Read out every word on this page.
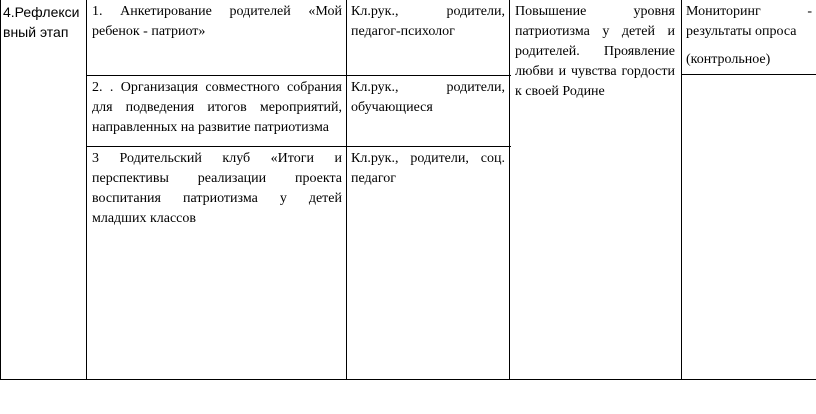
4.Рефлексивный этап
1. Анкетирование родителей «Мой ребенок - патриот»
Кл.рук., родители, педагог-психолог
2. . Организация совместного собрания для подведения итогов мероприятий, направленных на развитие патриотизма
Кл.рук., родители, обучающиеся
3 Родительский клуб «Итоги и перспективы реализации проекта воспитания патриотизма у детей младших классов
Кл.рук., родители, соц. педагог
Повышение уровня патриотизма у детей и родителей. Проявление любви и чувства гордости к своей Родине
Мониторинг - результаты опроса
(контрольное)
